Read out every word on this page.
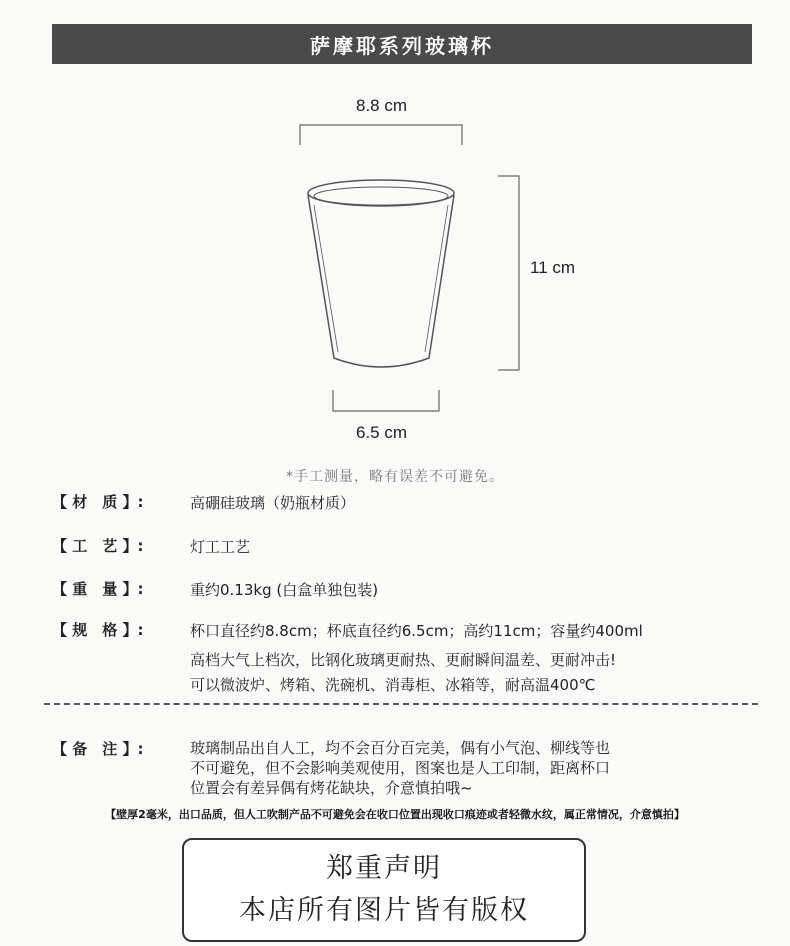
萨摩耶系列玻璃杯
8.8 cm
11 cm
6.5 cm
*手工测量，略有误差不可避免。
【 材　质 】:	高硼硅玻璃（奶瓶材质）
【 工　艺 】:	灯工工艺
【 重　量 】:	重约0.13kg (白盒单独包装)
【 规　格 】:	杯口直径约8.8cm；杯底直径约6.5cm；高约11cm；容量约400ml
高档大气上档次，比钢化玻璃更耐热、更耐瞬间温差、更耐冲击!
可以微波炉、烤箱、洗碗机、消毒柜、冰箱等，耐高温400℃
【 备　注 】:	玻璃制品出自人工，均不会百分百完美，偶有小气泡、柳线等也不可避免，但不会影响美观使用，图案也是人工印制，距离杯口位置会有差异偶有烤花缺块，介意慎拍哦~
【壁厚2毫米，出口品质，但人工吹制产品不可避免会在收口位置出现收口痕迹或者轻微水纹，属正常情况，介意慎拍】
郑重声明
本店所有图片皆有版权
